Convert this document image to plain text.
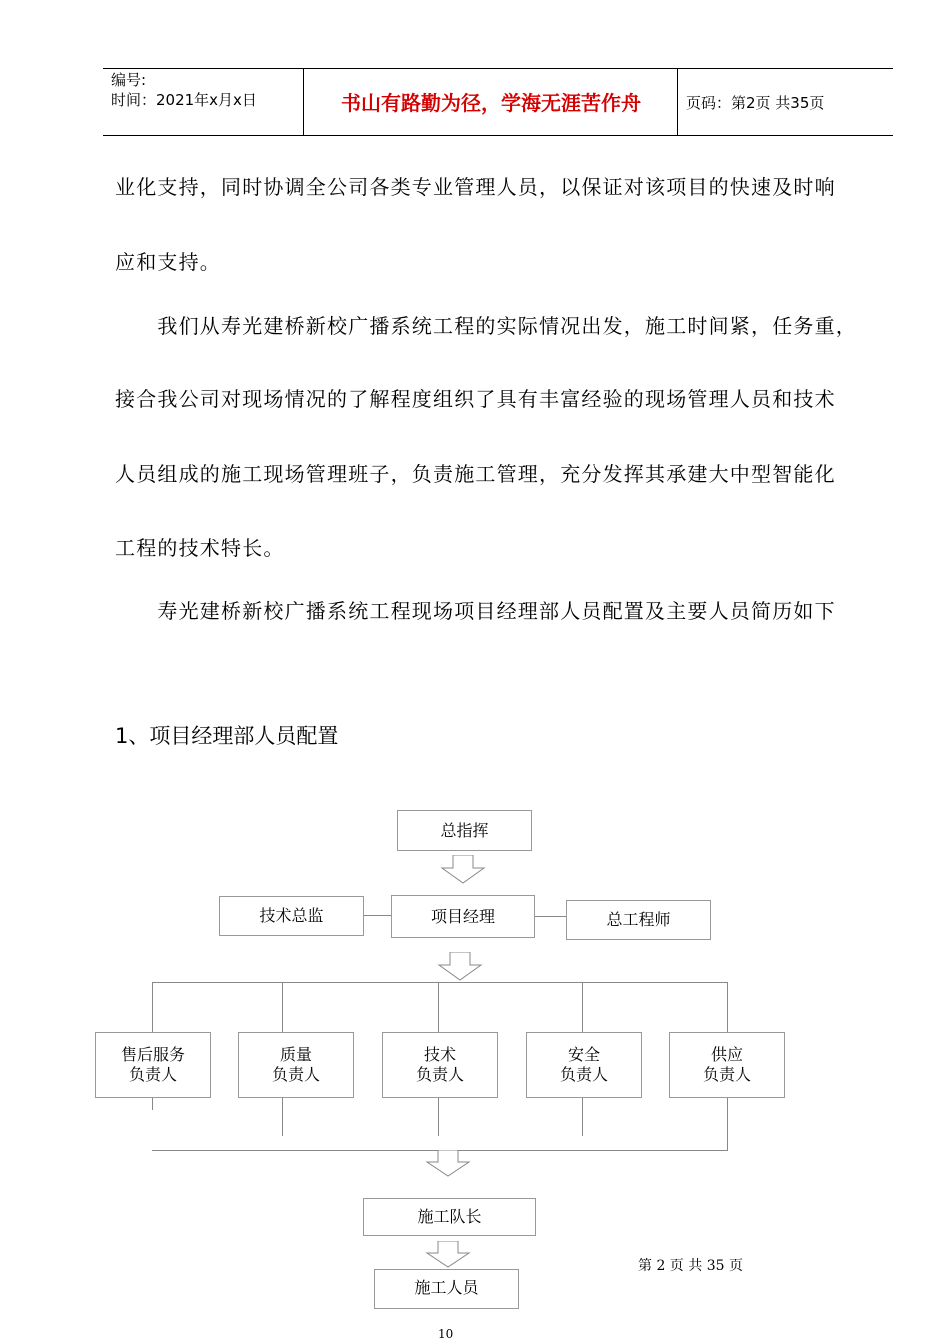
编号:
时间：2021年x月x日	书山有路勤为径，学海无涯苦作舟	页码：第2页 共35页
业化支持，同时协调全公司各类专业管理人员，以保证对该项目的快速及时响
应和支持。
　　我们从寿光建桥新校广播系统工程的实际情况出发，施工时间紧，任务重，
接合我公司对现场情况的了解程度组织了具有丰富经验的现场管理人员和技术
人员组成的施工现场管理班子，负责施工管理，充分发挥其承建大中型智能化
工程的技术特长。
　　寿光建桥新校广播系统工程现场项目经理部人员配置及主要人员简历如下
1、项目经理部人员配置
总指挥
技术总监	项目经理	总工程师
售后服务
负责人
质量
负责人
技术
负责人
安全
负责人
供应
负责人
施工队长
施工人员
10
第 2 页 共 35 页
